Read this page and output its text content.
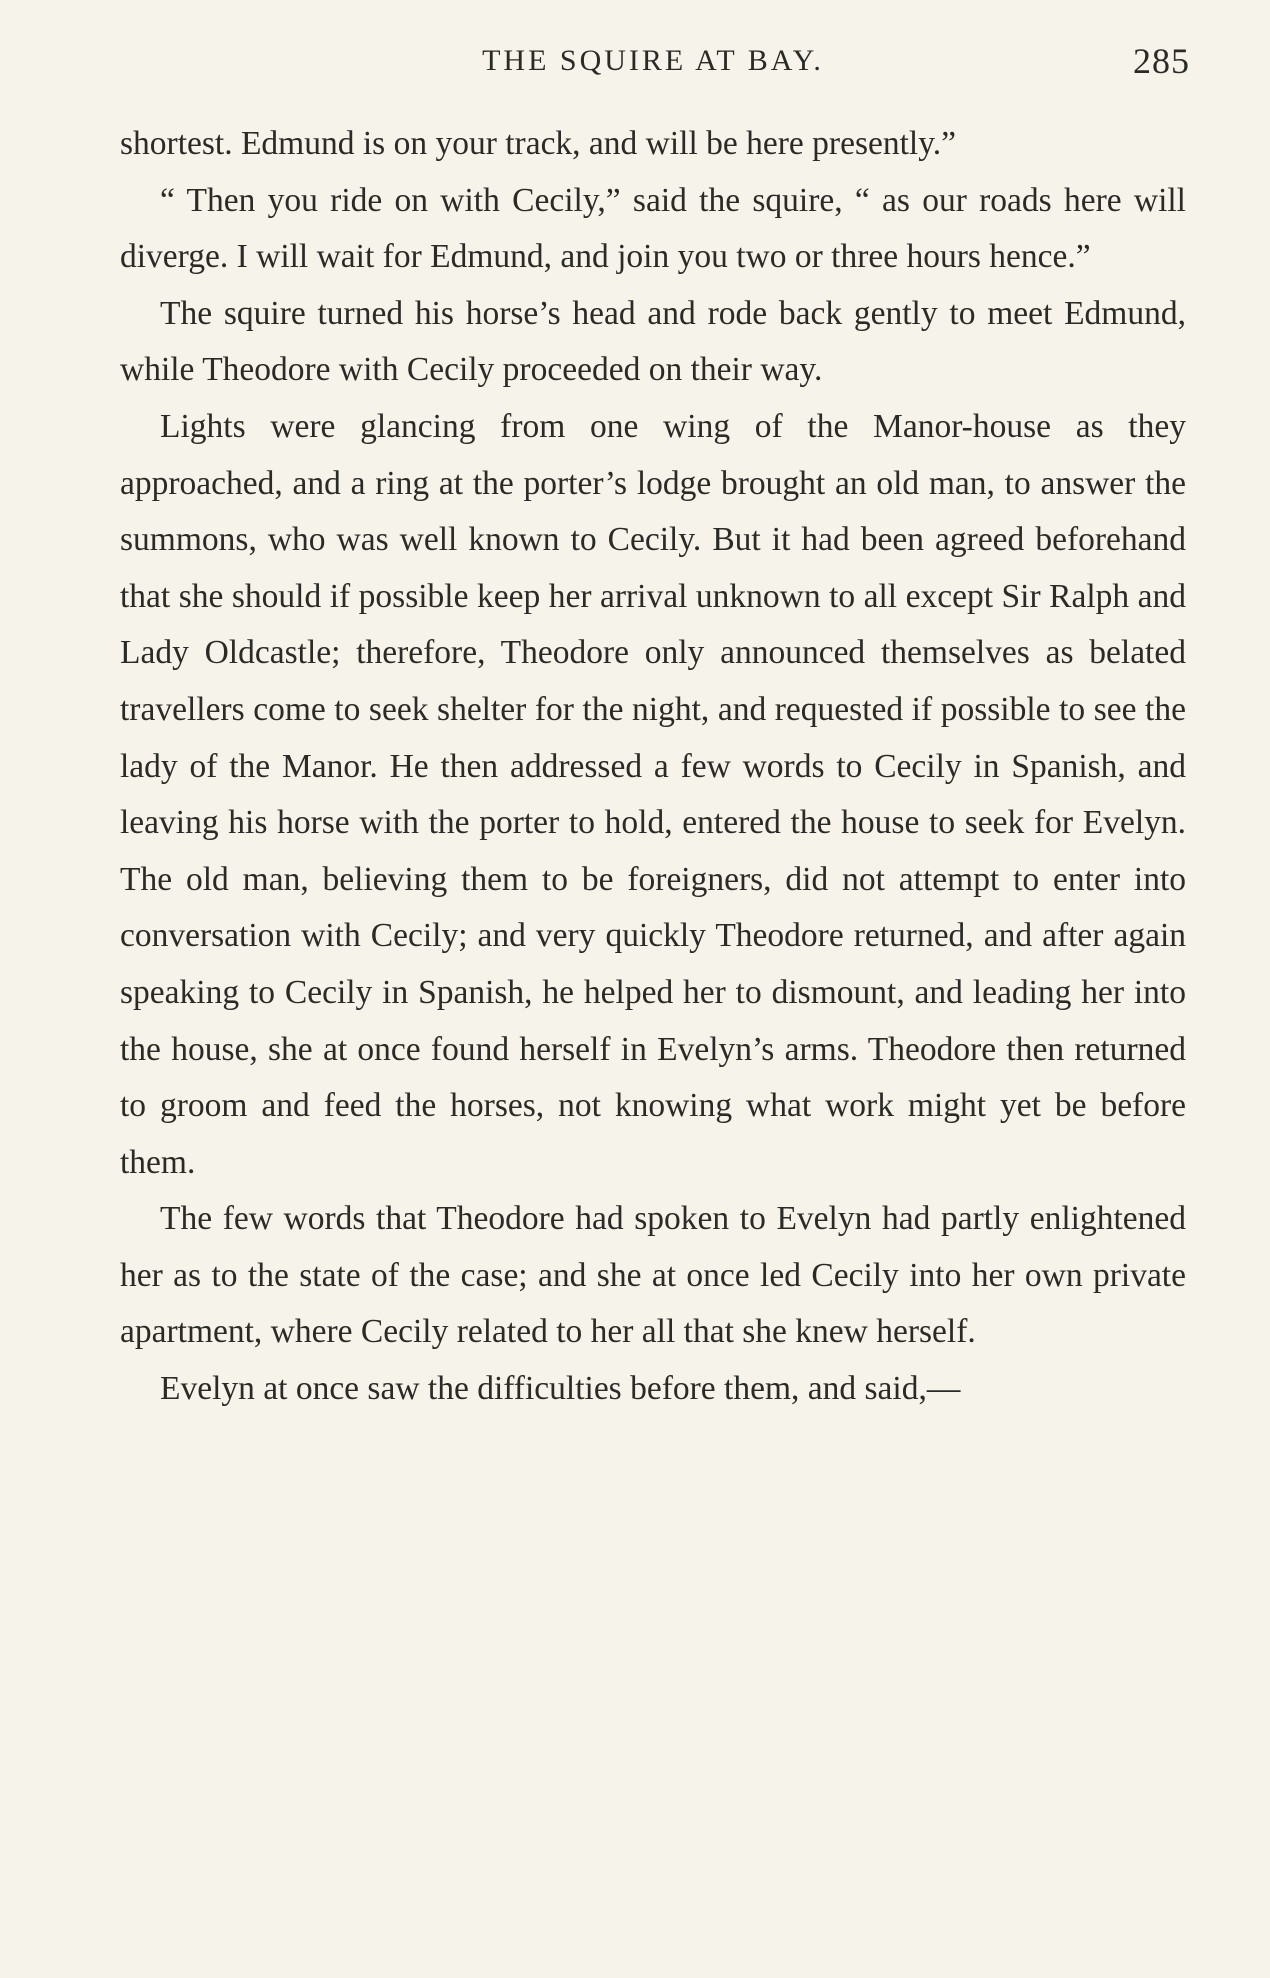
THE SQUIRE AT BAY.	285

shortest. Edmund is on your track, and will be here presently.”

“ Then you ride on with Cecily,” said the squire, “ as our roads here will diverge. I will wait for Edmund, and join you two or three hours hence.”

The squire turned his horse’s head and rode back gently to meet Edmund, while Theodore with Cecily proceeded on their way.

Lights were glancing from one wing of the Manor-house as they approached, and a ring at the porter’s lodge brought an old man, to answer the summons, who was well known to Cecily. But it had been agreed beforehand that she should if possible keep her arrival unknown to all except Sir Ralph and Lady Oldcastle; therefore, Theodore only announced themselves as belated travellers come to seek shelter for the night, and requested if possible to see the lady of the Manor. He then addressed a few words to Cecily in Spanish, and leaving his horse with the porter to hold, entered the house to seek for Evelyn. The old man, believing them to be foreigners, did not attempt to enter into conversation with Cecily; and very quickly Theodore returned, and after again speaking to Cecily in Spanish, he helped her to dismount, and leading her into the house, she at once found herself in Evelyn’s arms. Theodore then returned to groom and feed the horses, not knowing what work might yet be before them.

The few words that Theodore had spoken to Evelyn had partly enlightened her as to the state of the case; and she at once led Cecily into her own private apartment, where Cecily related to her all that she knew herself.

Evelyn at once saw the difficulties before them, and said,—
